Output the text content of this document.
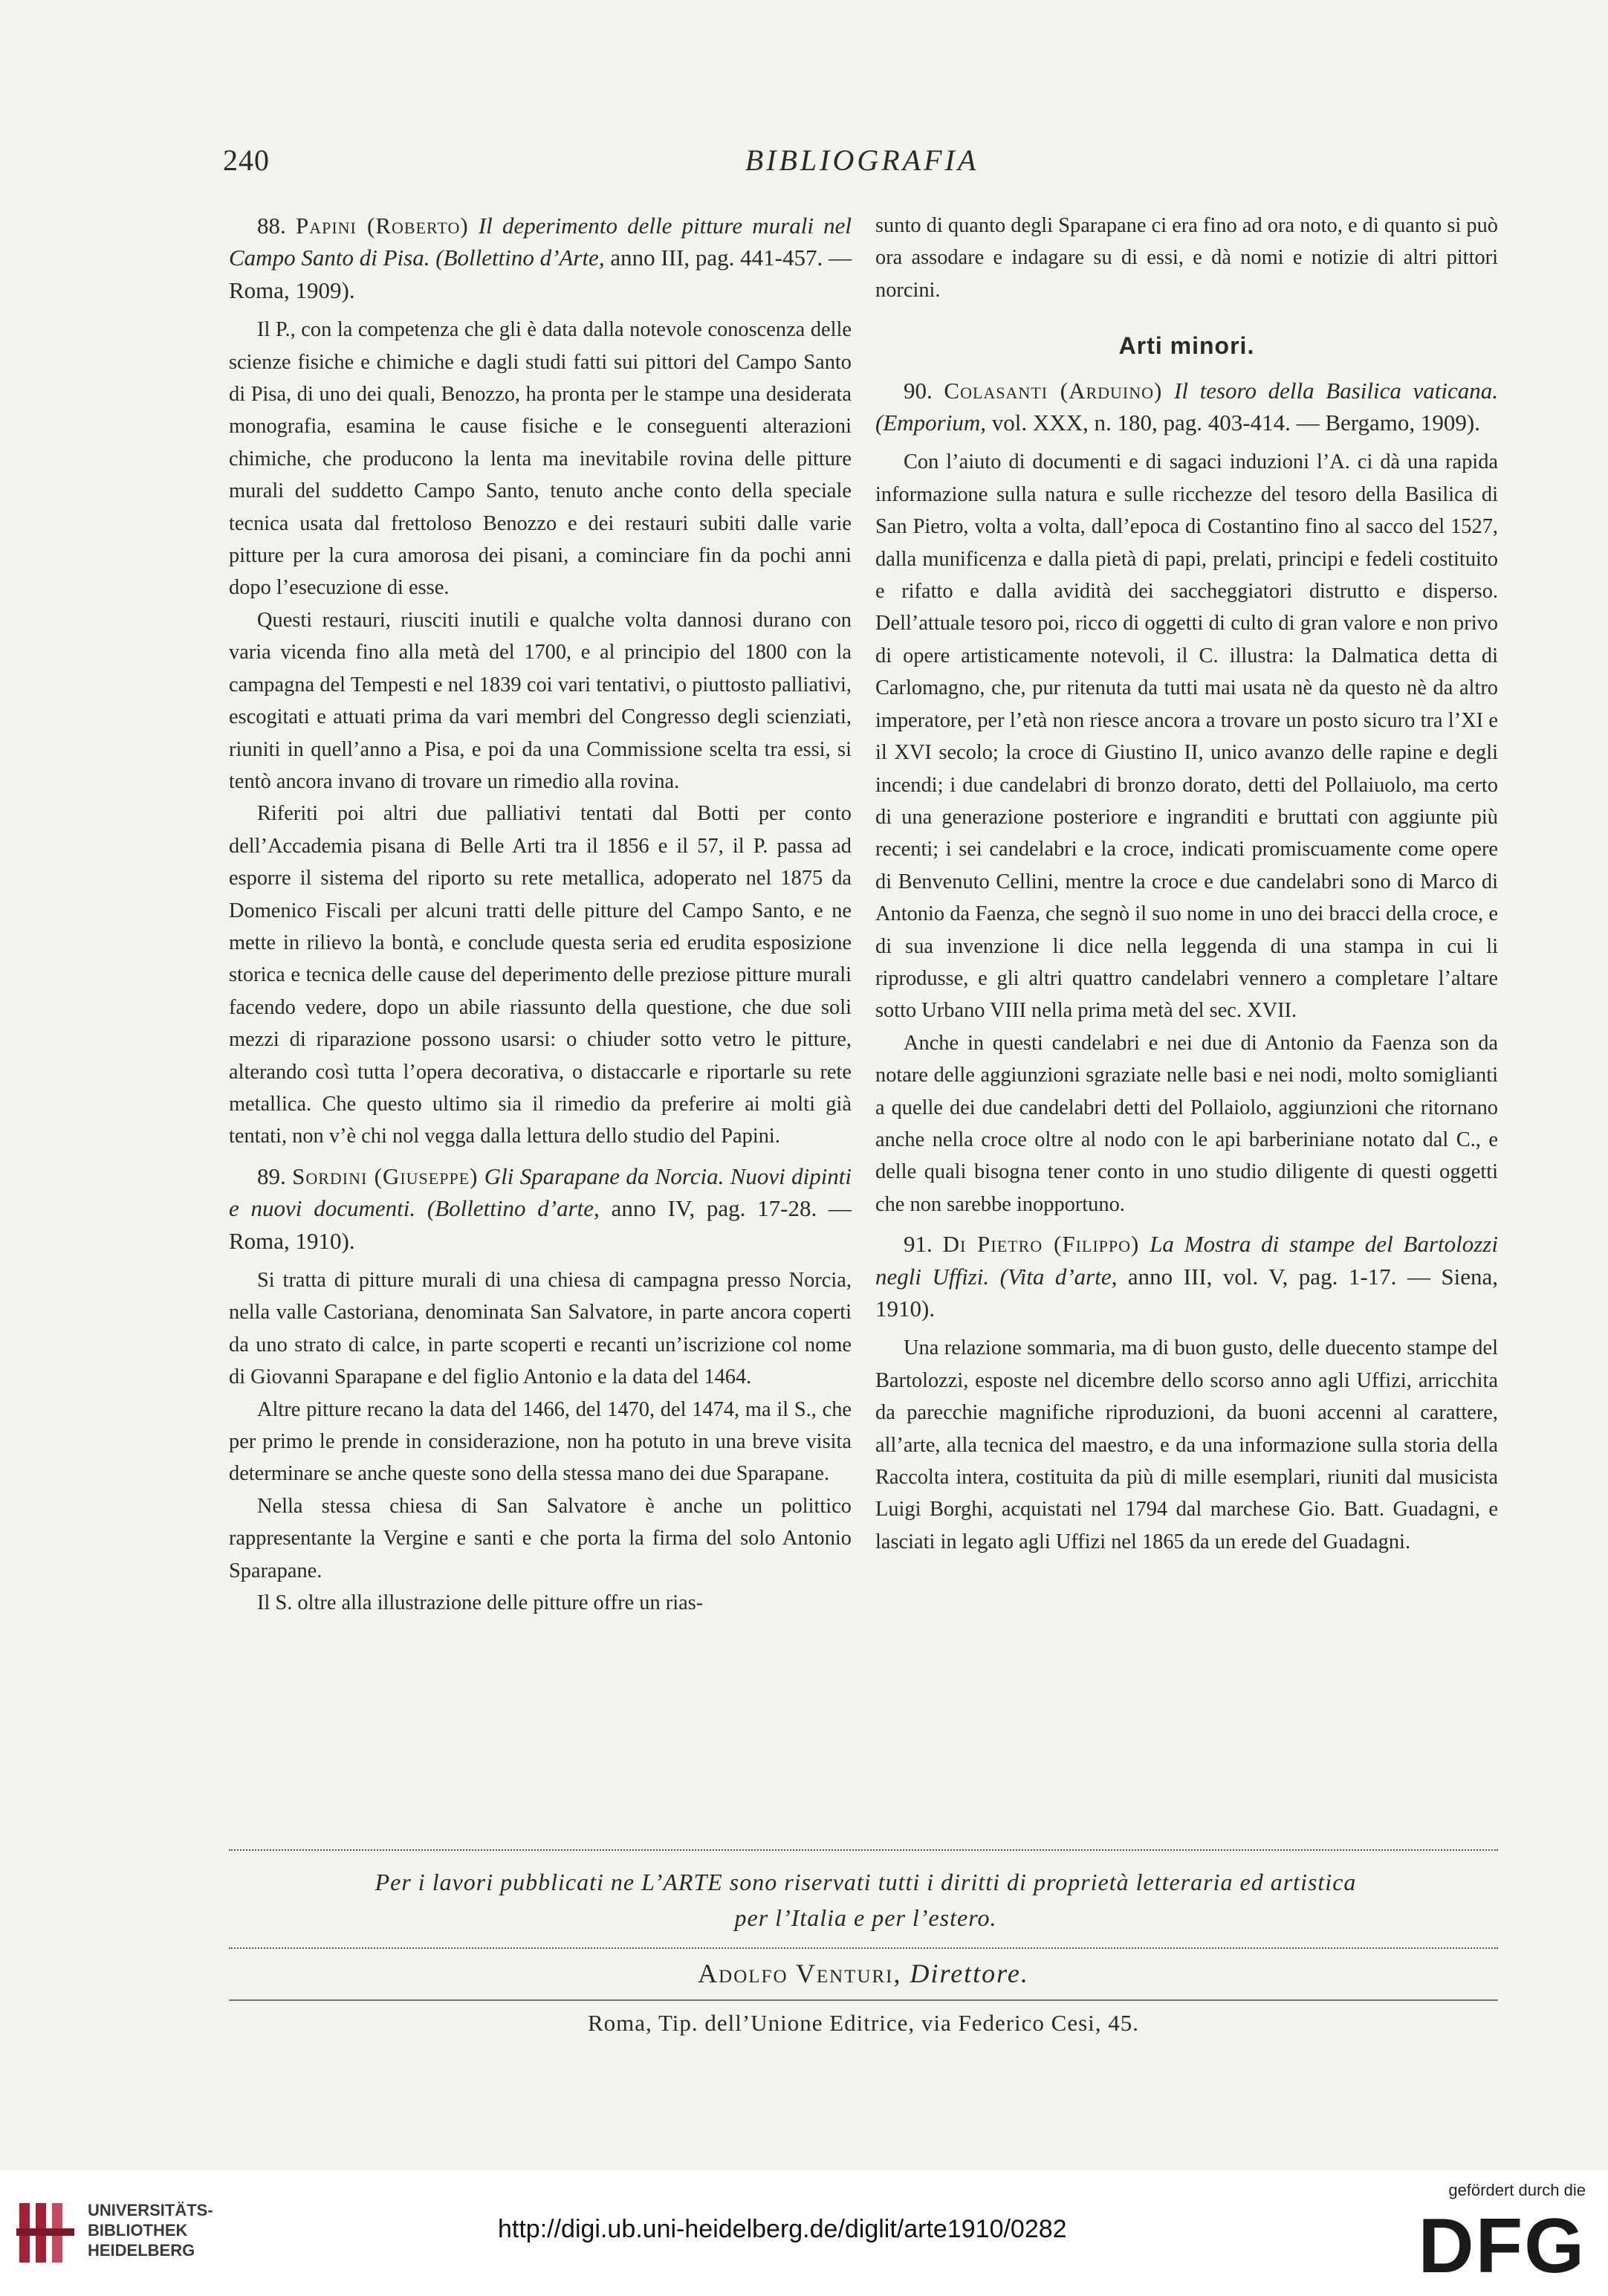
240	BIBLIOGRAFIA

88. Papini (Roberto) Il deperimento delle pitture murali nel Campo Santo di Pisa. (Bollettino d’Arte, anno III, pag. 441-457. — Roma, 1909).

Il P., con la competenza che gli è data dalla notevole conoscenza delle scienze fisiche e chimiche e dagli studi fatti sui pittori del Campo Santo di Pisa, di uno dei quali, Benozzo, ha pronta per le stampe una desiderata monografia, esamina le cause fisiche e le conseguenti alterazioni chimiche, che producono la lenta ma inevitabile rovina delle pitture murali del suddetto Campo Santo, tenuto anche conto della speciale tecnica usata dal frettoloso Benozzo e dei restauri subiti dalle varie pitture per la cura amorosa dei pisani, a cominciare fin da pochi anni dopo l’esecuzione di esse.

Questi restauri, riusciti inutili e qualche volta dannosi durano con varia vicenda fino alla metà del 1700, e al principio del 1800 con la campagna del Tempesti e nel 1839 coi vari tentativi, o piuttosto palliativi, escogitati e attuati prima da vari membri del Congresso degli scienziati, riuniti in quell’anno a Pisa, e poi da una Commissione scelta tra essi, si tentò ancora invano di trovare un rimedio alla rovina.

Riferiti poi altri due palliativi tentati dal Botti per conto dell’Accademia pisana di Belle Arti tra il 1856 e il 57, il P. passa ad esporre il sistema del riporto su rete metallica, adoperato nel 1875 da Domenico Fiscali per alcuni tratti delle pitture del Campo Santo, e ne mette in rilievo la bontà, e conclude questa seria ed erudita esposizione storica e tecnica delle cause del deperimento delle preziose pitture murali facendo vedere, dopo un abile riassunto della questione, che due soli mezzi di riparazione possono usarsi: o chiuder sotto vetro le pitture, alterando così tutta l’opera decorativa, o distaccarle e riportarle su rete metallica. Che questo ultimo sia il rimedio da preferire ai molti già tentati, non v’è chi nol vegga dalla lettura dello studio del Papini.

89. Sordini (Giuseppe) Gli Sparapane da Norcia. Nuovi dipinti e nuovi documenti. (Bollettino d’arte, anno IV, pag. 17-28. — Roma, 1910).

Si tratta di pitture murali di una chiesa di campagna presso Norcia, nella valle Castoriana, denominata San Salvatore, in parte ancora coperti da uno strato di calce, in parte scoperti e recanti un’iscrizione col nome di Giovanni Sparapane e del figlio Antonio e la data del 1464.

Altre pitture recano la data del 1466, del 1470, del 1474, ma il S., che per primo le prende in considerazione, non ha potuto in una breve visita determinare se anche queste sono della stessa mano dei due Sparapane.

Nella stessa chiesa di San Salvatore è anche un polittico rappresentante la Vergine e santi e che porta la firma del solo Antonio Sparapane.

Il S. oltre alla illustrazione delle pitture offre un rias-

sunto di quanto degli Sparapane ci era fino ad ora noto, e di quanto si può ora assodare e indagare su di essi, e dà nomi e notizie di altri pittori norcini.

Arti minori.

90. Colasanti (Arduino) Il tesoro della Basilica vaticana. (Emporium, vol. XXX, n. 180, pag. 403-414. — Bergamo, 1909).

Con l’aiuto di documenti e di sagaci induzioni l’A. ci dà una rapida informazione sulla natura e sulle ricchezze del tesoro della Basilica di San Pietro, volta a volta, dall’epoca di Costantino fino al sacco del 1527, dalla munificenza e dalla pietà di papi, prelati, principi e fedeli costituito e rifatto e dalla avidità dei saccheggiatori distrutto e disperso. Dell’attuale tesoro poi, ricco di oggetti di culto di gran valore e non privo di opere artisticamente notevoli, il C. illustra: la Dalmatica detta di Carlomagno, che, pur ritenuta da tutti mai usata nè da questo nè da altro imperatore, per l’età non riesce ancora a trovare un posto sicuro tra l’XI e il XVI secolo; la croce di Giustino II, unico avanzo delle rapine e degli incendi; i due candelabri di bronzo dorato, detti del Pollaiuolo, ma certo di una generazione posteriore e ingranditi e bruttati con aggiunte più recenti; i sei candelabri e la croce, indicati promiscuamente come opere di Benvenuto Cellini, mentre la croce e due candelabri sono di Marco di Antonio da Faenza, che segnò il suo nome in uno dei bracci della croce, e di sua invenzione li dice nella leggenda di una stampa in cui li riprodusse, e gli altri quattro candelabri vennero a completare l’altare sotto Urbano VIII nella prima metà del sec. XVII.

Anche in questi candelabri e nei due di Antonio da Faenza son da notare delle aggiunzioni sgraziate nelle basi e nei nodi, molto somiglianti a quelle dei due candelabri detti del Pollaiolo, aggiunzioni che ritornano anche nella croce oltre al nodo con le api barberiniane notato dal C., e delle quali bisogna tener conto in uno studio diligente di questi oggetti che non sarebbe inopportuno.

91. Di Pietro (Filippo) La Mostra di stampe del Bartolozzi negli Uffizi. (Vita d’arte, anno III, vol. V, pag. 1-17. — Siena, 1910).

Una relazione sommaria, ma di buon gusto, delle duecento stampe del Bartolozzi, esposte nel dicembre dello scorso anno agli Uffizi, arricchita da parecchie magnifiche riproduzioni, da buoni accenni al carattere, all’arte, alla tecnica del maestro, e da una informazione sulla storia della Raccolta intera, costituita da più di mille esemplari, riuniti dal musicista Luigi Borghi, acquistati nel 1794 dal marchese Gio. Batt. Guadagni, e lasciati in legato agli Uffizi nel 1865 da un erede del Guadagni.

Per i lavori pubblicati ne L’ARTE sono riservati tutti i diritti di proprietà letteraria ed artistica
per l’Italia e per l’estero.
Adolfo Venturi, Direttore.
Roma, Tip. dell’Unione Editrice, via Federico Cesi, 45.
UNIVERSITÄTS-
BIBLIOTHEK
HEIDELBERG
http://digi.ub.uni-heidelberg.de/diglit/arte1910/0282
gefördert durch die
DFG
